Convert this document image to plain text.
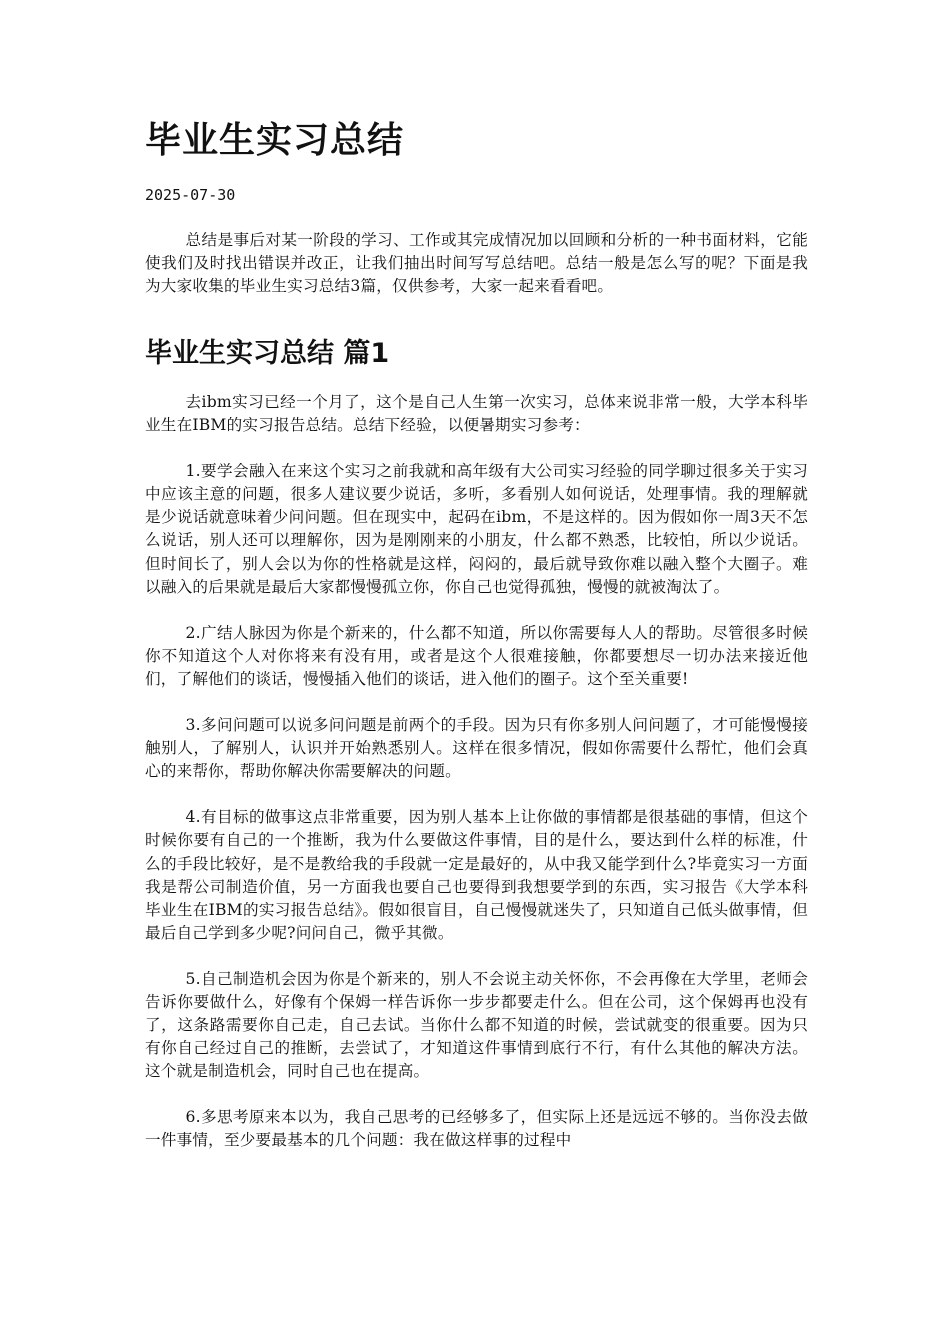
毕业生实习总结
2025-07-30

总结是事后对某一阶段的学习、工作或其完成情况加以回顾和分析的一种书面材料，它能使我们及时找出错误并改正，让我们抽出时间写写总结吧。总结一般是怎么写的呢？下面是我为大家收集的毕业生实习总结3篇，仅供参考，大家一起来看看吧。

毕业生实习总结 篇1

去ibm实习已经一个月了，这个是自己人生第一次实习，总体来说非常一般，大学本科毕业生在IBM的实习报告总结。总结下经验，以便暑期实习参考：

1.要学会融入在来这个实习之前我就和高年级有大公司实习经验的同学聊过很多关于实习中应该主意的问题，很多人建议要少说话，多听，多看别人如何说话，处理事情。我的理解就是少说话就意味着少问问题。但在现实中，起码在ibm，不是这样的。因为假如你一周3天不怎么说话，别人还可以理解你，因为是刚刚来的小朋友，什么都不熟悉，比较怕，所以少说话。但时间长了，别人会以为你的性格就是这样，闷闷的，最后就导致你难以融入整个大圈子。难以融入的后果就是最后大家都慢慢孤立你，你自己也觉得孤独，慢慢的就被淘汰了。

2.广结人脉因为你是个新来的，什么都不知道，所以你需要每人人的帮助。尽管很多时候你不知道这个人对你将来有没有用，或者是这个人很难接触，你都要想尽一切办法来接近他们，了解他们的谈话，慢慢插入他们的谈话，进入他们的圈子。这个至关重要!

3.多问问题可以说多问问题是前两个的手段。因为只有你多别人问问题了，才可能慢慢接触别人，了解别人，认识并开始熟悉别人。这样在很多情况，假如你需要什么帮忙，他们会真心的来帮你，帮助你解决你需要解决的问题。

4.有目标的做事这点非常重要，因为别人基本上让你做的事情都是很基础的事情，但这个时候你要有自己的一个推断，我为什么要做这件事情，目的是什么，要达到什么样的标准，什么的手段比较好，是不是教给我的手段就一定是最好的，从中我又能学到什么?毕竟实习一方面我是帮公司制造价值，另一方面我也要自己也要得到我想要学到的东西，实习报告《大学本科毕业生在IBM的实习报告总结》。假如很盲目，自己慢慢就迷失了，只知道自己低头做事情，但最后自己学到多少呢?问问自己，微乎其微。

5.自己制造机会因为你是个新来的，别人不会说主动关怀你，不会再像在大学里，老师会告诉你要做什么，好像有个保姆一样告诉你一步步都要走什么。但在公司，这个保姆再也没有了，这条路需要你自己走，自己去试。当你什么都不知道的时候，尝试就变的很重要。因为只有你自己经过自己的推断，去尝试了，才知道这件事情到底行不行，有什么其他的解决方法。这个就是制造机会，同时自己也在提高。

6.多思考原来本以为，我自己思考的已经够多了，但实际上还是远远不够的。当你没去做一件事情，至少要最基本的几个问题：我在做这样事的过程中
